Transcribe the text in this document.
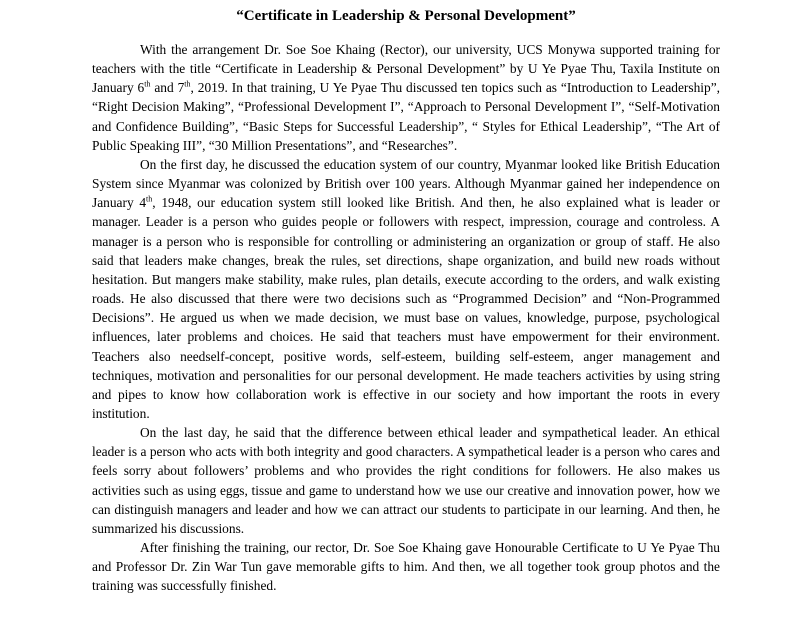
“Certificate in Leadership & Personal Development”

With the arrangement Dr. Soe Soe Khaing (Rector), our university, UCS Monywa supported training for teachers with the title “Certificate in Leadership & Personal Development” by U Ye Pyae Thu, Taxila Institute on January 6th and 7th, 2019. In that training, U Ye Pyae Thu discussed ten topics such as “Introduction to Leadership”, “Right Decision Making”, “Professional Development I”, “Approach to Personal Development I”, “Self-Motivation and Confidence Building”, “Basic Steps for Successful Leadership”, “ Styles for Ethical Leadership”, “The Art of Public Speaking III”, “30 Million Presentations”, and “Researches”.

On the first day, he discussed the education system of our country, Myanmar looked like British Education System since Myanmar was colonized by British over 100 years. Although Myanmar gained her independence on January 4th, 1948, our education system still looked like British. And then, he also explained what is leader or manager. Leader is a person who guides people or followers with respect, impression, courage and controless. A manager is a person who is responsible for controlling or administering an organization or group of staff. He also said that leaders make changes, break the rules, set directions, shape organization, and build new roads without hesitation. But mangers make stability, make rules, plan details, execute according to the orders, and walk existing roads. He also discussed that there were two decisions such as “Programmed Decision” and “Non-Programmed Decisions”. He argued us when we made decision, we must base on values, knowledge, purpose, psychological influences, later problems and choices. He said that teachers must have empowerment for their environment. Teachers also needself-concept, positive words, self-esteem, building self-esteem, anger management and techniques, motivation and personalities for our personal development. He made teachers activities by using string and pipes to know how collaboration work is effective in our society and how important the roots in every institution.

On the last day, he said that the difference between ethical leader and sympathetical leader. An ethical leader is a person who acts with both integrity and good characters. A sympathetical leader is a person who cares and feels sorry about followers’ problems and who provides the right conditions for followers. He also makes us activities such as using eggs, tissue and game to understand how we use our creative and innovation power, how we can distinguish managers and leader and how we can attract our students to participate in our learning. And then, he summarized his discussions.

After finishing the training, our rector, Dr. Soe Soe Khaing gave Honourable Certificate to U Ye Pyae Thu and Professor Dr. Zin War Tun gave memorable gifts to him. And then, we all together took group photos and the training was successfully finished.
